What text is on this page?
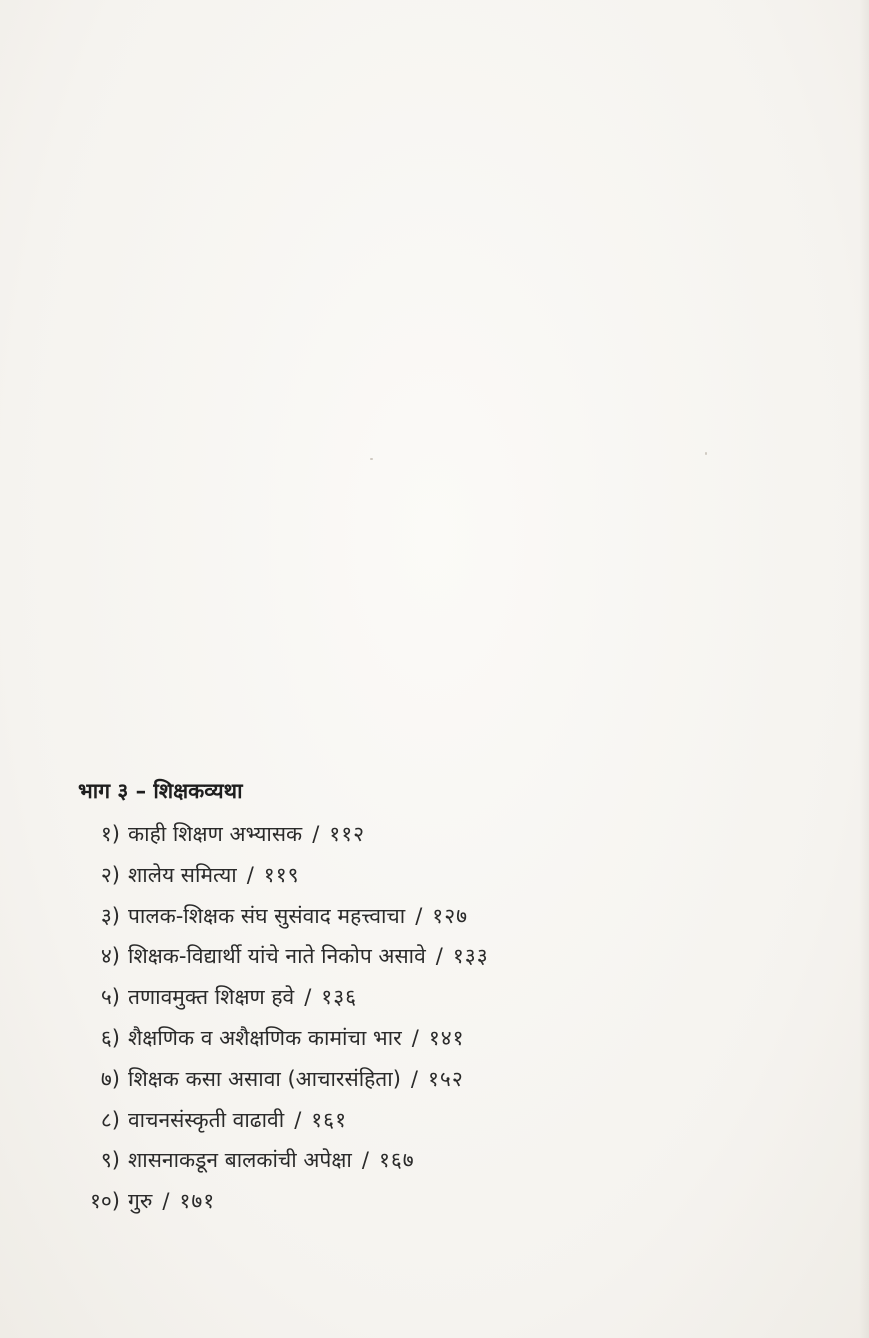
भाग ३ – शिक्षकव्यथा
१) काही शिक्षण अभ्यासक / ११२
२) शालेय समित्या / ११९
३) पालक-शिक्षक संघ सुसंवाद महत्त्वाचा / १२७
४) शिक्षक-विद्यार्थी यांचे नाते निकोप असावे / १३३
५) तणावमुक्त शिक्षण हवे / १३६
६) शैक्षणिक व अशैक्षणिक कामांचा भार / १४१
७) शिक्षक कसा असावा (आचारसंहिता) / १५२
८) वाचनसंस्कृती वाढावी / १६१
९) शासनाकडून बालकांची अपेक्षा / १६७
१०) गुरु / १७१
